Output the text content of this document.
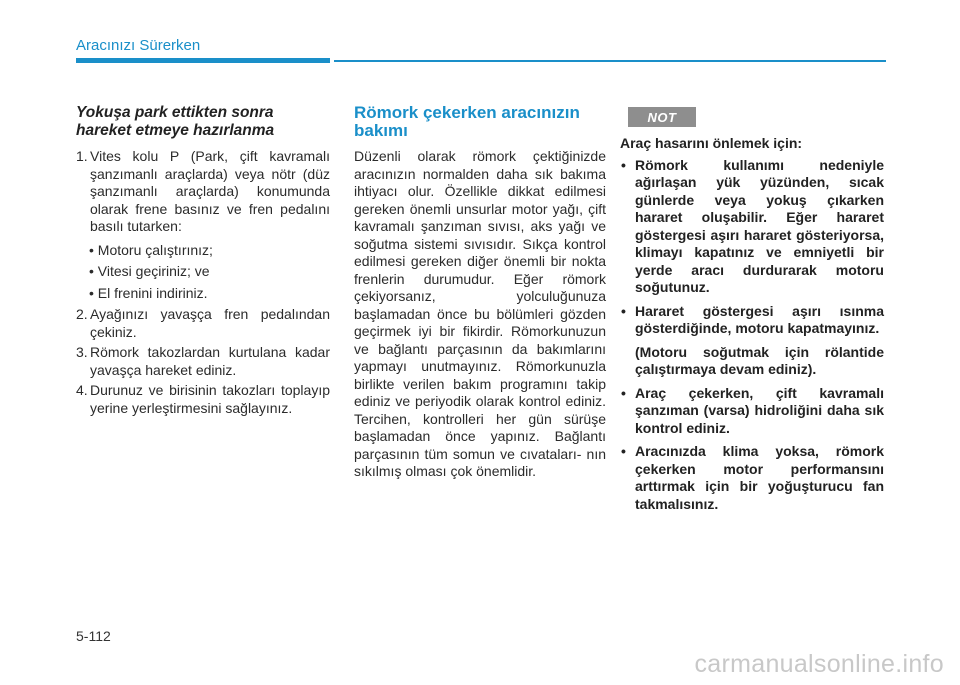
Aracınızı Sürerken
Yokuşa park ettikten sonra
hareket etmeye hazırlanma
1. Vites kolu P (Park, çift kavramalı şanzımanlı araçlarda) veya nötr (düz şanzımanlı araçlarda) konumunda olarak frene basınız ve fren pedalını basılı tutarken:
• Motoru çalıştırınız;
• Vitesi geçiriniz; ve
• El frenini indiriniz.
2. Ayağınızı yavaşça fren pedalından çekiniz.
3. Römork takozlardan kurtulana kadar yavaşça hareket ediniz.
4. Durunuz ve birisinin takozları toplayıp yerine yerleştirmesini sağlayınız.
Römork çekerken aracınızın bakımı

Düzenli olarak römork çektiğinizde aracınızın normalden daha sık bakıma ihtiyacı olur. Özellikle dikkat edilmesi gereken önemli unsurlar motor yağı, çift kavramalı şanzıman sıvısı, aks yağı ve soğutma sistemi sıvısıdır. Sıkça kontrol edilmesi gereken diğer önemli bir nokta frenlerin durumudur. Eğer römork çekiyorsanız, yolculuğunuza başlamadan önce bu bölümleri gözden geçirmek iyi bir fikirdir. Römorkunuzun ve bağlantı parçasının da bakımlarını yapmayı unutmayınız. Römorkunuzla birlikte verilen bakım programını takip ediniz ve periyodik olarak kontrol ediniz. Tercihen, kontrolleri her gün sürüşe başlamadan önce yapınız. Bağlantı parçasının tüm somun ve cıvataları- nın sıkılmış olması çok önemlidir.

NOT
Araç hasarını önlemek için:
• Römork kullanımı nedeniyle ağırlaşan yük yüzünden, sıcak günlerde veya yokuş çıkarken hararet oluşabilir. Eğer hararet göstergesi aşırı hararet gösteriyorsa, klimayı kapatınız ve emniyetli bir yerde aracı durdurarak motoru soğutunuz.
• Hararet göstergesi aşırı ısınma gösterdiğinde, motoru kapatmayınız.
(Motoru soğutmak için rölantide çalıştırmaya devam ediniz).
• Araç çekerken, çift kavramalı şanzıman (varsa) hidroliğini daha sık kontrol ediniz.
• Aracınızda klima yoksa, römork çekerken motor performansını arttırmak için bir yoğuşturucu fan takmalısınız.
5-112
carmanualsonline.info
